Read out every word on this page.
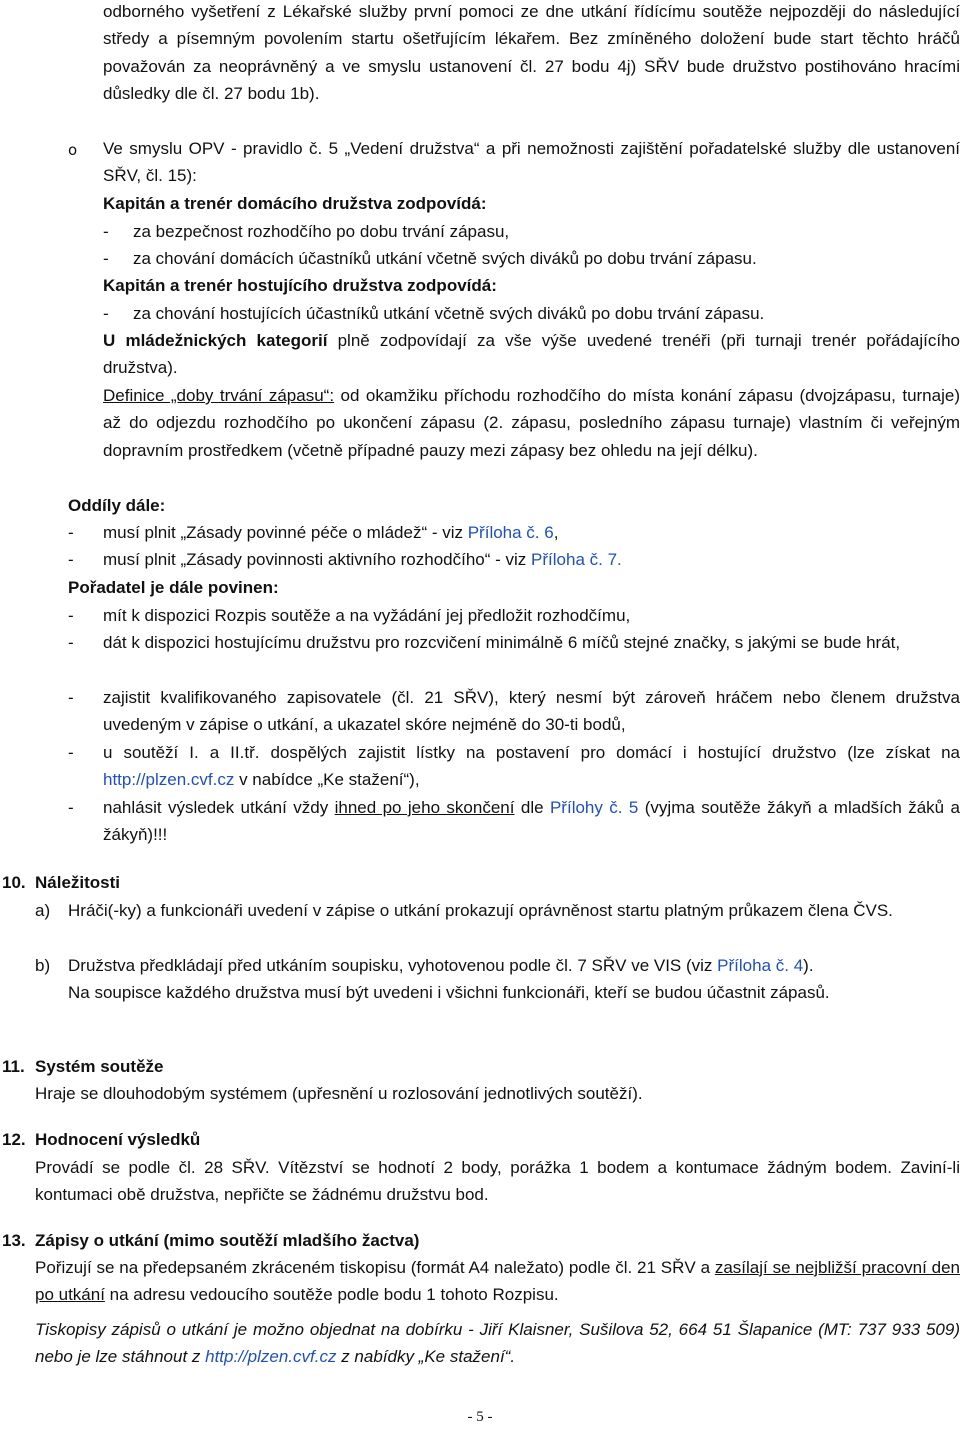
odborného vyšetření z Lékařské služby první pomoci ze dne utkání řídícímu soutěže nejpozději do následující středy a písemným povolením startu ošetřujícím lékařem. Bez zmíněného doložení bude start těchto hráčů považován za neoprávněný a ve smyslu ustanovení čl. 27 bodu 4j) SŘV bude družstvo postihováno hracími důsledky dle čl. 27 bodu 1b).

o Ve smyslu OPV - pravidlo č. 5 „Vedení družstva“ a při nemožnosti zajištění pořadatelské služby dle ustanovení SŘV, čl. 15):

Kapitán a trenér domácího družstva zodpovídá:

- za bezpečnost rozhodčího po dobu trvání zápasu,

- za chování domácích účastníků utkání včetně svých diváků po dobu trvání zápasu.

Kapitán a trenér hostujícího družstva zodpovídá:

- za chování hostujících účastníků utkání včetně svých diváků po dobu trvání zápasu.

U mládežnických kategorií plně zodpovídají za vše výše uvedené trenéři (při turnaji trenér pořádajícího družstva).

Definice „doby trvání zápasu“: od okamžiku příchodu rozhodčího do místa konání zápasu (dvojzápasu, turnaje) až do odjezdu rozhodčího po ukončení zápasu (2. zápasu, posledního zápasu turnaje) vlastním či veřejným dopravním prostředkem (včetně případné pauzy mezi zápasy bez ohledu na její délku).

Oddíly dále:

- musí plnit „Zásady povinné péče o mládež“ - viz Příloha č. 6,

- musí plnit „Zásady povinnosti aktivního rozhodčího“ - viz Příloha č. 7.

Pořadatel je dále povinen:

- mít k dispozici Rozpis soutěže a na vyžádání jej předložit rozhodčímu,

- dát k dispozici hostujícímu družstvu pro rozcvičení minimálně 6 míčů stejné značky, s jakými se bude hrát,

- zajistit kvalifikovaného zapisovatele (čl. 21 SŘV), který nesmí být zároveň hráčem nebo členem družstva uvedeným v zápise o utkání, a ukazatel skóre nejméně do 30-ti bodů,

- u soutěží I. a II.tř. dospělých zajistit lístky na postavení pro domácí i hostující družstvo (lze získat na http://plzen.cvf.cz v nabídce „Ke stažení“),

- nahlásit výsledek utkání vždy ihned po jeho skončení dle Přílohy č. 5 (vyjma soutěže žákyň a mladších žáků a žákyň)!!!

10. Náležitosti

a) Hráči(-ky) a funkcionáři uvedení v zápise o utkání prokazují oprávněnost startu platným průkazem člena ČVS.

b) Družstva předkládají před utkáním soupisku, vyhotovenou podle čl. 7 SŘV ve VIS (viz Příloha č. 4).

Na soupisce každého družstva musí být uvedeni i všichni funkcionáři, kteří se budou účastnit zápasů.

11. Systém soutěže

Hraje se dlouhodobým systémem (upřesnění u rozlosování jednotlivých soutěží).

12. Hodnocení výsledků

Provádí se podle čl. 28 SŘV. Vítězství se hodnotí 2 body, porážka 1 bodem a kontumace žádným bodem. Zaviní-li kontumaci obě družstva, nepřičte se žádnému družstvu bod.

13. Zápisy o utkání (mimo soutěží mladšího žactva)

Pořizují se na předepsaném zkráceném tiskopisu (formát A4 naležato) podle čl. 21 SŘV a zasílají se nejbližší pracovní den po utkání na adresu vedoucího soutěže podle bodu 1 tohoto Rozpisu.

Tiskopisy zápisů o utkání je možno objednat na dobírku - Jiří Klaisner, Sušilova 52, 664 51 Šlapanice (MT: 737 933 509) nebo je lze stáhnout z http://plzen.cvf.cz z nabídky „Ke stažení“.

- 5 -
